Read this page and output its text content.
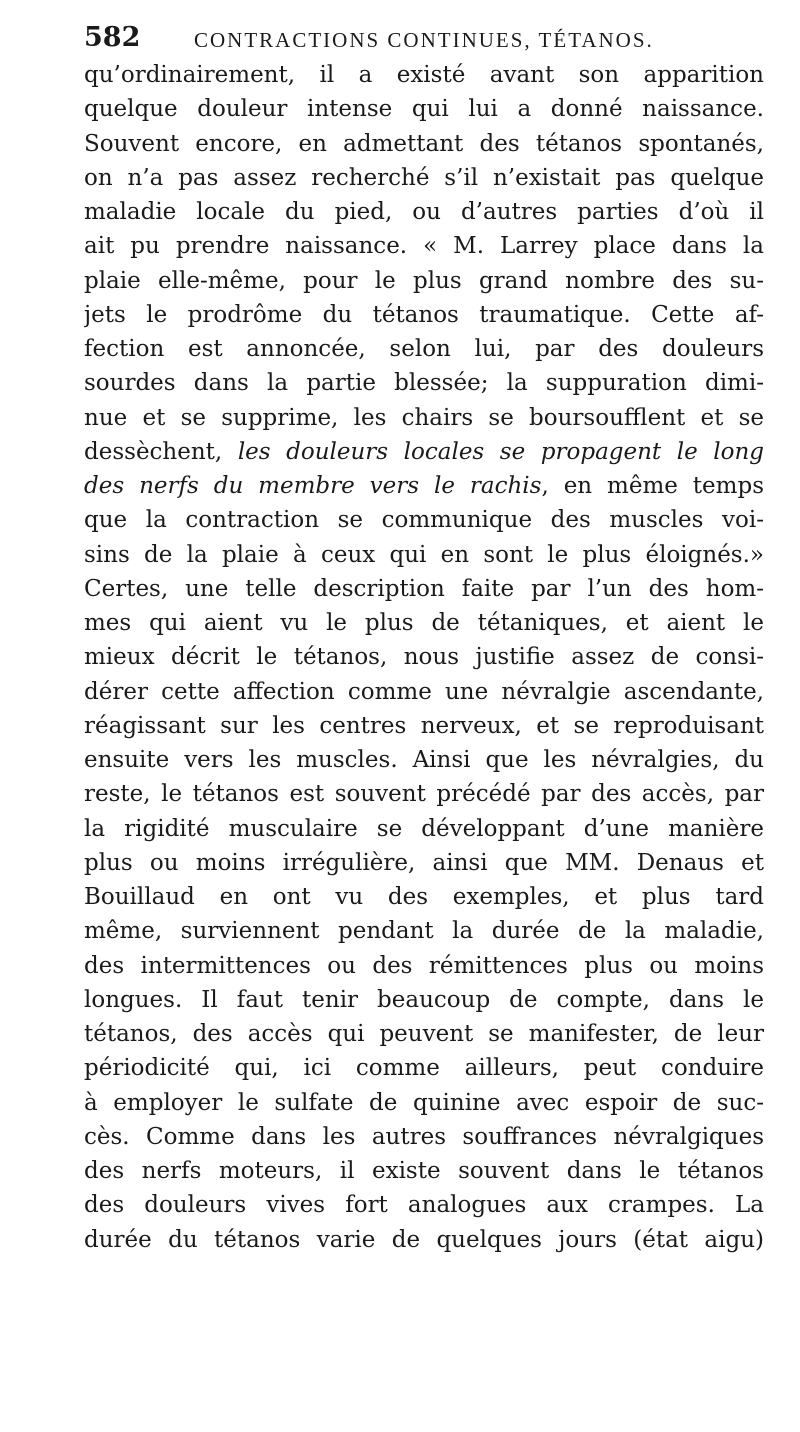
582	CONTRACTIONS CONTINUES, TÉTANOS.
qu’ordinairement, il a existé avant son apparition
quelque douleur intense qui lui a donné naissance.
Souvent encore, en admettant des tétanos spontanés,
on n’a pas assez recherché s’il n’existait pas quelque
maladie locale du pied, ou d’autres parties d’où il
ait pu prendre naissance. « M. Larrey place dans la
plaie elle-même, pour le plus grand nombre des su-
jets le prodrôme du tétanos traumatique. Cette af-
fection est annoncée, selon lui, par des douleurs
sourdes dans la partie blessée; la suppuration dimi-
nue et se supprime, les chairs se boursoufflent et se
dessèchent, les douleurs locales se propagent le long
des nerfs du membre vers le rachis, en même temps
que la contraction se communique des muscles voi-
sins de la plaie à ceux qui en sont le plus éloignés.»
Certes, une telle description faite par l’un des hom-
mes qui aient vu le plus de tétaniques, et aient le
mieux décrit le tétanos, nous justifie assez de consi-
dérer cette affection comme une névralgie ascendante,
réagissant sur les centres nerveux, et se reproduisant
ensuite vers les muscles. Ainsi que les névralgies, du
reste, le tétanos est souvent précédé par des accès, par
la rigidité musculaire se développant d’une manière
plus ou moins irrégulière, ainsi que MM. Denaus et
Bouillaud en ont vu des exemples, et plus tard
même, surviennent pendant la durée de la maladie,
des intermittences ou des rémittences plus ou moins
longues. Il faut tenir beaucoup de compte, dans le
tétanos, des accès qui peuvent se manifester, de leur
périodicité qui, ici comme ailleurs, peut conduire
à employer le sulfate de quinine avec espoir de suc-
cès. Comme dans les autres souffrances névralgiques
des nerfs moteurs, il existe souvent dans le tétanos
des douleurs vives fort analogues aux crampes. La
durée du tétanos varie de quelques jours (état aigu)
